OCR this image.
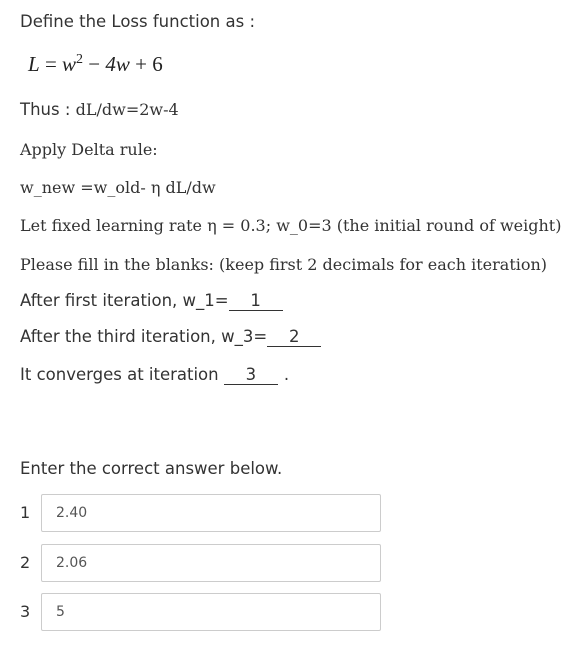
Define the Loss function as :
$L = w^2 - 4w + 6$
Thus : dL/dw=2w-4
Apply Delta rule:
w_new =w_old- η dL/dw
Let fixed learning rate η = 0.3; w_0=3 (the initial round of weight)
Please fill in the blanks: (keep first 2 decimals for each iteration)
After first iteration, w_1= 1
After the third iteration, w_3= 2
It converges at iteration 3 .
Enter the correct answer below.
1
2.40
2
2.06
3
5
